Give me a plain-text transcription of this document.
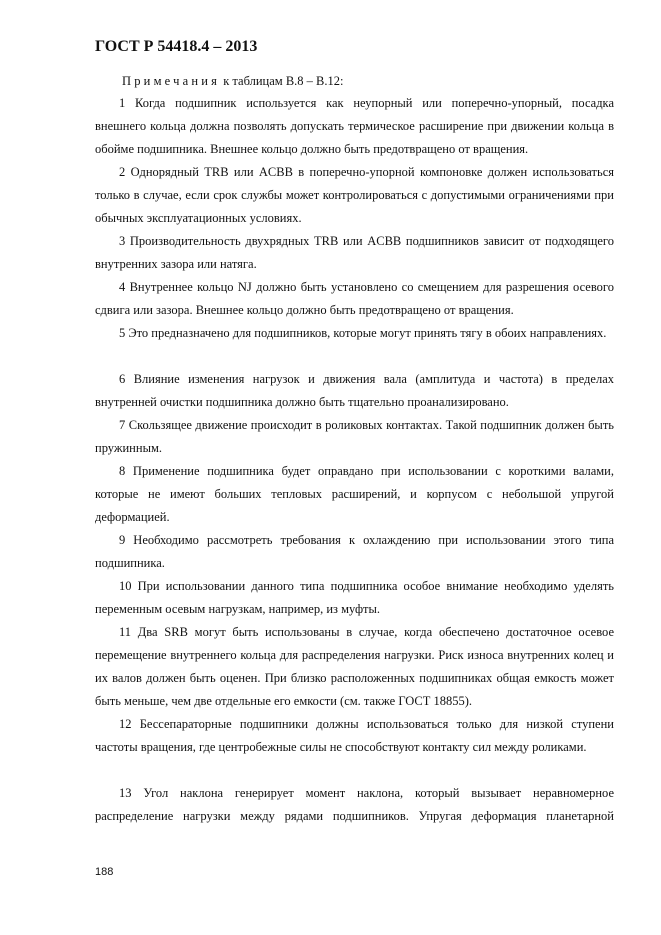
ГОСТ Р 54418.4 – 2013
Примечания к таблицам В.8 – В.12:

1 Когда подшипник используется как неупорный или поперечно-упорный, посадка внешнего кольца должна позволять допускать термическое расширение при движении кольца в обойме подшипника. Внешнее кольцо должно быть предотвращено от вращения.

2 Однорядный TRB или ACBB в поперечно-упорной компоновке должен использоваться только в случае, если срок службы может контролироваться с допустимыми ограничениями при обычных эксплуатационных условиях.

3 Производительность двухрядных TRB или ACBB подшипников зависит от подходящего внутренних зазора или натяга.

4 Внутреннее кольцо NJ должно быть установлено со смещением для разрешения осевого сдвига или зазора. Внешнее кольцо должно быть предотвращено от вращения.

5 Это предназначено для подшипников, которые могут принять тягу в обоих направлениях.

6 Влияние изменения нагрузок и движения вала (амплитуда и частота) в пределах внутренней очистки подшипника должно быть тщательно проанализировано.

7 Скользящее движение происходит в роликовых контактах. Такой подшипник должен быть пружинным.

8 Применение подшипника будет оправдано при использовании с короткими валами, которые не имеют больших тепловых расширений, и корпусом с небольшой упругой деформацией.

9 Необходимо рассмотреть требования к охлаждению при использовании этого типа подшипника.

10 При использовании данного типа подшипника особое внимание необходимо уделять переменным осевым нагрузкам, например, из муфты.

11 Два SRB могут быть использованы в случае, когда обеспечено достаточное осевое перемещение внутреннего кольца для распределения нагрузки. Риск износа внутренних колец и их валов должен быть оценен. При близко расположенных подшипниках общая емкость может быть меньше, чем две отдельные его емкости (см. также ГОСТ 18855).

12 Бессепараторные подшипники должны использоваться только для низкой ступени частоты вращения, где центробежные силы не способствуют контакту сил между роликами.

13 Угол наклона генерирует момент наклона, который вызывает неравномерное распределение нагрузки между рядами подшипников. Упругая деформация планетарной

188
